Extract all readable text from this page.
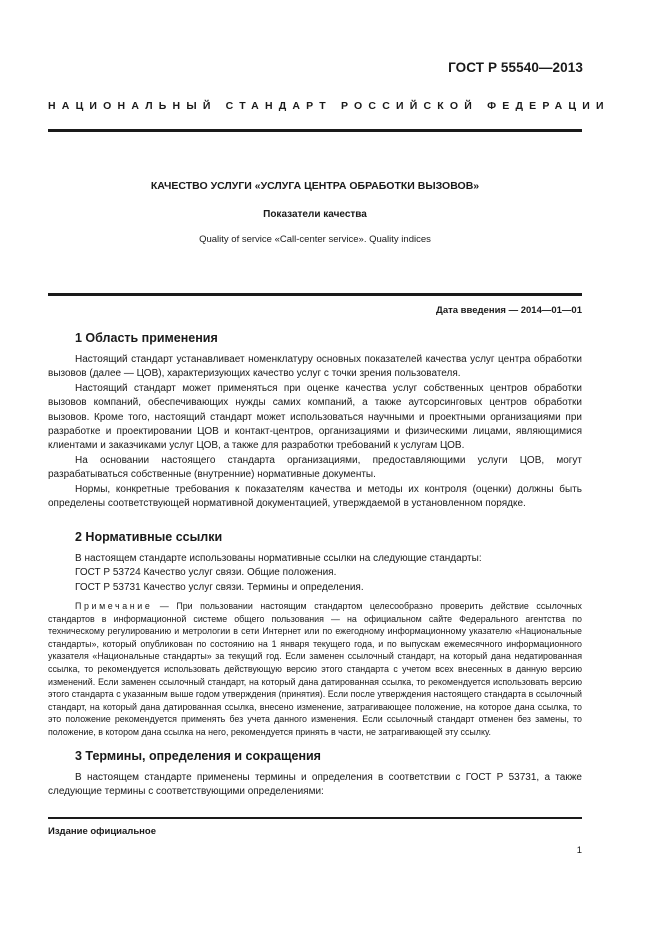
ГОСТ Р 55540—2013
НАЦИОНАЛЬНЫЙ СТАНДАРТ РОССИЙСКОЙ ФЕДЕРАЦИИ
КАЧЕСТВО УСЛУГИ «УСЛУГА ЦЕНТРА ОБРАБОТКИ ВЫЗОВОВ»
Показатели качества
Quality of service «Call-center service». Quality indices
Дата введения — 2014—01—01
1 Область применения

Настоящий стандарт устанавливает номенклатуру основных показателей качества услуг центра обработки вызовов (далее — ЦОВ), характеризующих качество услуг с точки зрения пользователя.

Настоящий стандарт может применяться при оценке качества услуг собственных центров обработки вызовов компаний, обеспечивающих нужды самих компаний, а также аутсорсинговых центров обработки вызовов. Кроме того, настоящий стандарт может использоваться научными и проектными организациями при разработке и проектировании ЦОВ и контакт-центров, организациями и физическими лицами, являющимися клиентами и заказчиками услуг ЦОВ, а также для разработки требований к услугам ЦОВ.

На основании настоящего стандарта организациями, предоставляющими услуги ЦОВ, могут разрабатываться собственные (внутренние) нормативные документы.

Нормы, конкретные требования к показателям качества и методы их контроля (оценки) должны быть определены соответствующей нормативной документацией, утверждаемой в установленном порядке.

2 Нормативные ссылки

В настоящем стандарте использованы нормативные ссылки на следующие стандарты:

ГОСТ Р 53724 Качество услуг связи. Общие положения.

ГОСТ Р 53731 Качество услуг связи. Термины и определения.

Примечание — При пользовании настоящим стандартом целесообразно проверить действие ссылочных стандартов в информационной системе общего пользования — на официальном сайте Федерального агентства по техническому регулированию и метрологии в сети Интернет или по ежегодному информационному указателю «Национальные стандарты», который опубликован по состоянию на 1 января текущего года, и по выпускам ежемесячного информационного указателя «Национальные стандарты» за текущий год. Если заменен ссылочный стандарт, на который дана недатированная ссылка, то рекомендуется использовать действующую версию этого стандарта с учетом всех внесенных в данную версию изменений. Если заменен ссылочный стандарт, на который дана датированная ссылка, то рекомендуется использовать версию этого стандарта с указанным выше годом утверждения (принятия). Если после утверждения настоящего стандарта в ссылочный стандарт, на который дана датированная ссылка, внесено изменение, затрагивающее положение, на которое дана ссылка, то это положение рекомендуется применять без учета данного изменения. Если ссылочный стандарт отменен без замены, то положение, в котором дана ссылка на него, рекомендуется принять в части, не затрагивающей эту ссылку.

3 Термины, определения и сокращения

В настоящем стандарте применены термины и определения в соответствии с ГОСТ Р 53731, а также следующие термины с соответствующими определениями:

Издание официальное
1
